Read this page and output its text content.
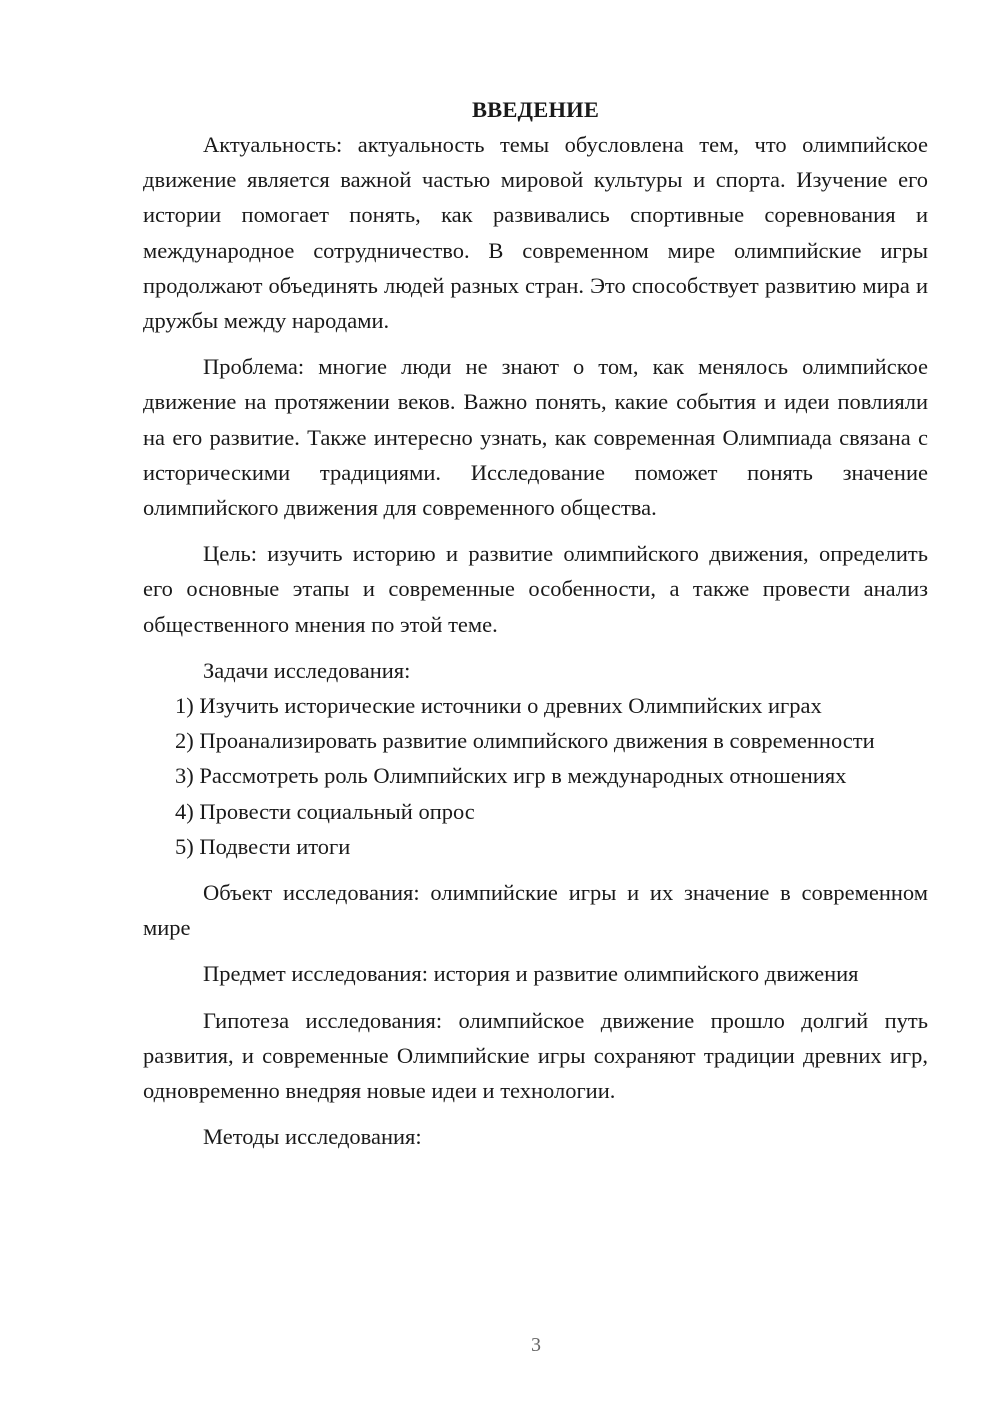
ВВЕДЕНИЕ

Актуальность: актуальность темы обусловлена тем, что олимпийское движение является важной частью мировой культуры и спорта. Изучение его истории помогает понять, как развивались спортивные соревнования и международное сотрудничество. В современном мире олимпийские игры продолжают объединять людей разных стран. Это способствует развитию мира и дружбы между народами.

Проблема: многие люди не знают о том, как менялось олимпийское движение на протяжении веков. Важно понять, какие события и идеи повлияли на его развитие. Также интересно узнать, как современная Олимпиада связана с историческими традициями. Исследование поможет понять значение олимпийского движения для современного общества.

Цель: изучить историю и развитие олимпийского движения, определить его основные этапы и современные особенности, а также провести анализ общественного мнения по этой теме.

Задачи исследования:

1) Изучить исторические источники о древних Олимпийских играх

2) Проанализировать развитие олимпийского движения в современности

3) Рассмотреть роль Олимпийских игр в международных отношениях

4) Провести социальный опрос

5) Подвести итоги

Объект исследования: олимпийские игры и их значение в современном мире

Предмет исследования: история и развитие олимпийского движения

Гипотеза исследования: олимпийское движение прошло долгий путь развития, и современные Олимпийские игры сохраняют традиции древних игр, одновременно внедряя новые идеи и технологии.

Методы исследования:

3
